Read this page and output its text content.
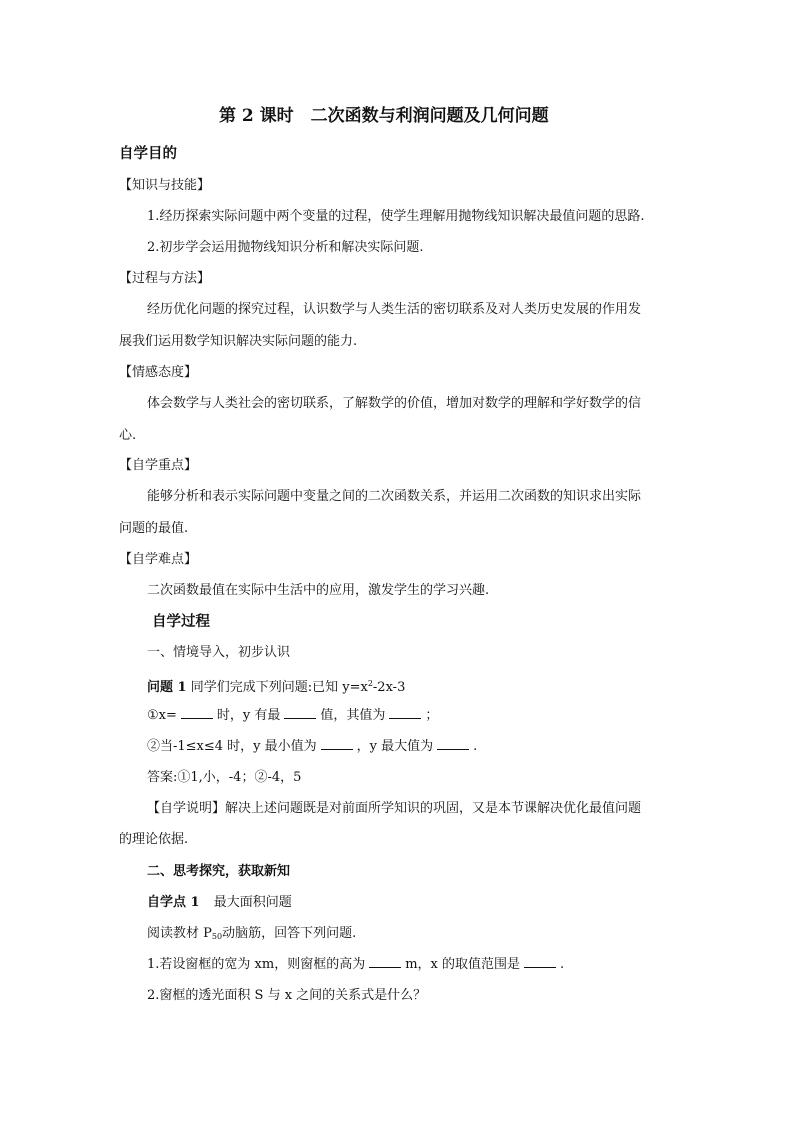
第 2 课时　二次函数与利润问题及几何问题
自学目的
【知识与技能】
1.经历探索实际问题中两个变量的过程，使学生理解用抛物线知识解决最值问题的思路.
2.初步学会运用抛物线知识分析和解决实际问题.
【过程与方法】
经历优化问题的探究过程，认识数学与人类生活的密切联系及对人类历史发展的作用发
展我们运用数学知识解决实际问题的能力.
【情感态度】
体会数学与人类社会的密切联系，了解数学的价值，增加对数学的理解和学好数学的信
心.
【自学重点】
能够分析和表示实际问题中变量之间的二次函数关系，并运用二次函数的知识求出实际
问题的最值.
【自学难点】
二次函数最值在实际中生活中的应用，激发学生的学习兴趣.
自学过程
一、情境导入，初步认识
问题 1 同学们完成下列问题:已知 $y=x^2-2x-3$
①x=	时，y 有最	值，其值为	；
②当-1≤x≤4 时，y 最小值为	，y 最大值为	.
答案:①1,小，-4；②-4，5
【自学说明】解决上述问题既是对前面所学知识的巩固，又是本节课解决优化最值问题
的理论依据.
二、思考探究，获取新知
自学点 1 最大面积问题
阅读教材 $P_{50}$动脑筋，回答下列问题.
1.若设窗框的宽为 xm，则窗框的高为	m，x 的取值范围是	.
2.窗框的透光面积 S 与 x 之间的关系式是什么？
